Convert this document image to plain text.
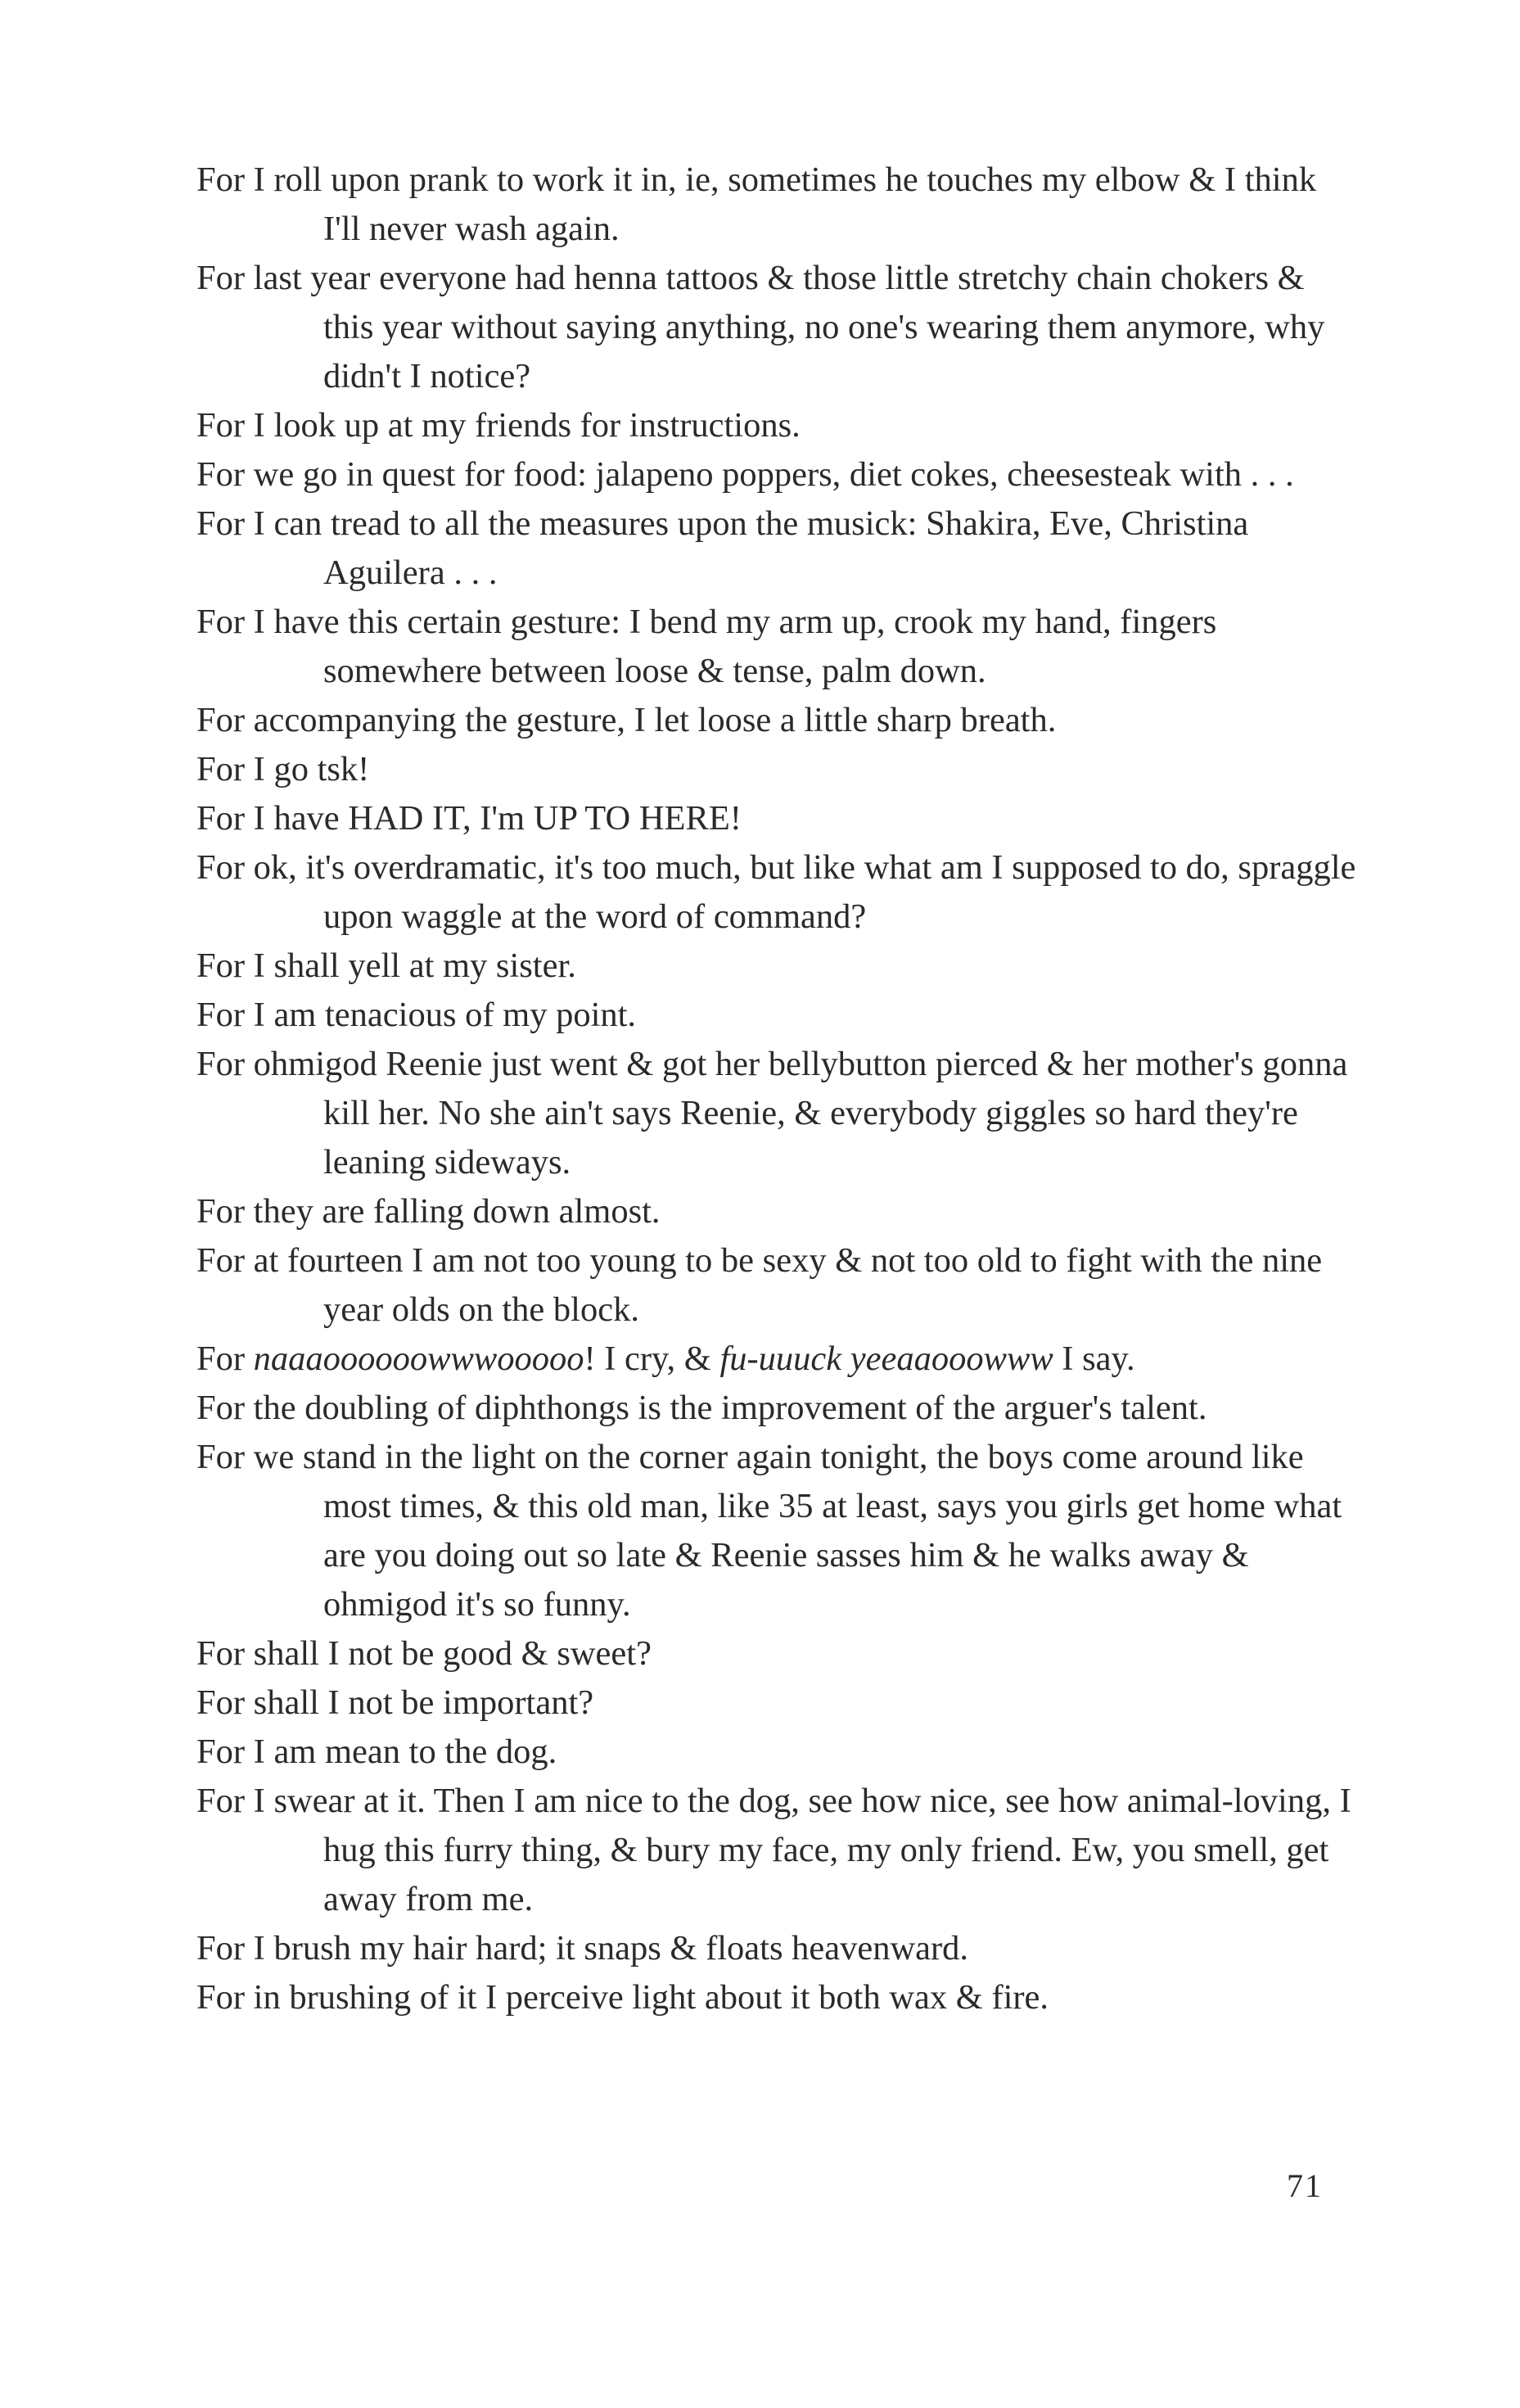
For I roll upon prank to work it in, ie, sometimes he touches my elbow & I think I'll never wash again.

For last year everyone had henna tattoos & those little stretchy chain chokers & this year without saying anything, no one's wearing them anymore, why didn't I notice?

For I look up at my friends for instructions.

For we go in quest for food: jalapeno poppers, diet cokes, cheesesteak with . . .

For I can tread to all the measures upon the musick: Shakira, Eve, Christina Aguilera . . .

For I have this certain gesture: I bend my arm up, crook my hand, fingers somewhere between loose & tense, palm down.

For accompanying the gesture, I let loose a little sharp breath.

For I go tsk!

For I have HAD IT, I'm UP TO HERE!

For ok, it's overdramatic, it's too much, but like what am I supposed to do, spraggle upon waggle at the word of command?

For I shall yell at my sister.

For I am tenacious of my point.

For ohmigod Reenie just went & got her bellybutton pierced & her mother's gonna kill her. No she ain't says Reenie, & everybody giggles so hard they're leaning sideways.

For they are falling down almost.

For at fourteen I am not too young to be sexy & not too old to fight with the nine year olds on the block.

For naaaoooooowwwooooo! I cry, & fu-uuuck yeeaaooowww I say.

For the doubling of diphthongs is the improvement of the arguer's talent.

For we stand in the light on the corner again tonight, the boys come around like most times, & this old man, like 35 at least, says you girls get home what are you doing out so late & Reenie sasses him & he walks away & ohmigod it's so funny.

For shall I not be good & sweet?

For shall I not be important?

For I am mean to the dog.

For I swear at it. Then I am nice to the dog, see how nice, see how animal-loving, I hug this furry thing, & bury my face, my only friend. Ew, you smell, get away from me.

For I brush my hair hard; it snaps & floats heavenward.

For in brushing of it I perceive light about it both wax & fire.

71
